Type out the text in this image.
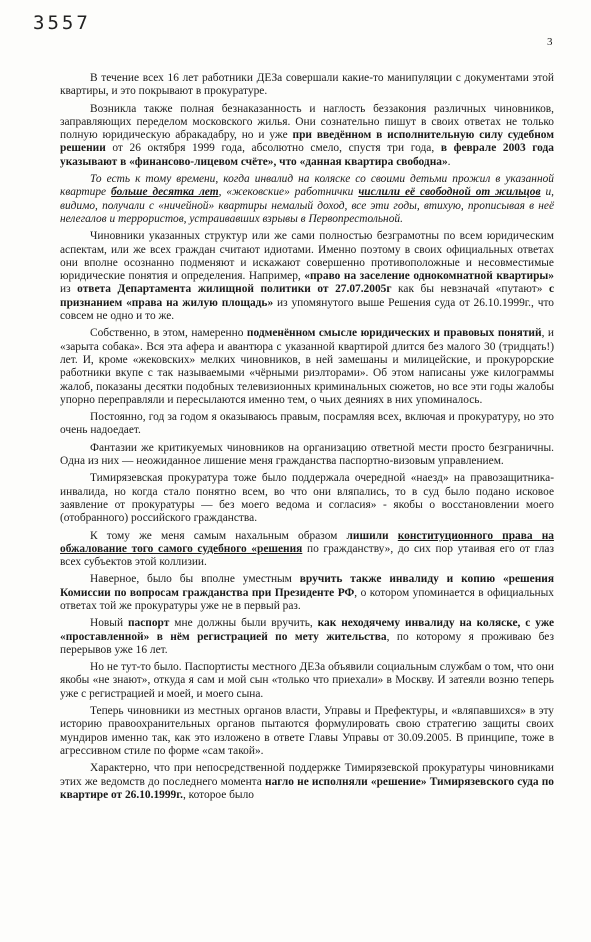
3557
3

В течение всех 16 лет работники ДЕЗа совершали какие-то манипуляции с документами этой квартиры, и это покрывают в прокуратуре.

Возникла также полная безнаказанность и наглость беззакония различных чиновников, заправляющих переделом московского жилья. Они сознательно пишут в своих ответах не только полную юридическую абракадабру, но и уже при введённом в исполнительную силу судебном решении от 26 октября 1999 года, абсолютно смело, спустя три года, в феврале 2003 года указывают в «финансово-лицевом счёте», что «данная квартира свободна».

То есть к тому времени, когда инвалид на коляске со своими детьми прожил в указанной квартире больше десятка лет, «жековские» работнички числили её свободной от жильцов и, видимо, получали с «ничейной» квартиры немалый доход, все эти годы, втихую, прописывая в неё нелегалов и террористов, устраивавших взрывы в Первопрестольной.

Чиновники указанных структур или же сами полностью безграмотны по всем юридическим аспектам, или же всех граждан считают идиотами. Именно поэтому в своих официальных ответах они вполне осознанно подменяют и искажают совершенно противоположные и несовместимые юридические понятия и определения. Например, «право на заселение однокомнатной квартиры» из ответа Департамента жилищной политики от 27.07.2005г как бы невзначай «путают» с признанием «права на жилую площадь» из упомянутого выше Решения суда от 26.10.1999г., что совсем не одно и то же.

Собственно, в этом, намеренно подменённом смысле юридических и правовых понятий, и «зарыта собака». Вся эта афера и авантюра с указанной квартирой длится без малого 30 (тридцать!) лет. И, кроме «жековских» мелких чиновников, в ней замешаны и милицейские, и прокурорские работники вкупе с так называемыми «чёрными риэлторами». Об этом написаны уже килограммы жалоб, показаны десятки подобных телевизионных криминальных сюжетов, но все эти годы жалобы упорно переправляли и пересылаются именно тем, о чьих деяниях в них упоминалось.

Постоянно, год за годом я оказываюсь правым, посрамляя всех, включая и прокуратуру, но это очень надоедает.

Фантазии же критикуемых чиновников на организацию ответной мести просто безграничны. Одна из них — неожиданное лишение меня гражданства паспортно-визовым управлением.

Тимирязевская прокуратура тоже было поддержала очередной «наезд» на правозащитника-инвалида, но когда стало понятно всем, во что они вляпались, то в суд было подано исковое заявление от прокуратуры — без моего ведома и согласия» - якобы о восстановлении моего (отобранного) российского гражданства.

К тому же меня самым нахальным образом лишили конституционного права на обжалование того самого судебного «решения по гражданству», до сих пор утаивая его от глаз всех субъектов этой коллизии.

Наверное, было бы вполне уместным вручить также инвалиду и копию «решения Комиссии по вопросам гражданства при Президенте РФ, о котором упоминается в официальных ответах той же прокуратуры уже не в первый раз.

Новый паспорт мне должны были вручить, как неходячему инвалиду на коляске, с уже «проставленной» в нём регистрацией по мету жительства, по которому я проживаю без перерывов уже 16 лет.

Но не тут-то было. Паспортисты местного ДЕЗа объявили социальным службам о том, что они якобы «не знают», откуда я сам и мой сын «только что приехали» в Москву. И затеяли возню теперь уже с регистрацией и моей, и моего сына.

Теперь чиновники из местных органов власти, Управы и Префектуры, и «вляпавшихся» в эту историю правоохранительных органов пытаются формулировать свою стратегию защиты своих мундиров именно так, как это изложено в ответе Главы Управы от 30.09.2005. В принципе, тоже в агрессивном стиле по форме «сам такой».

Характерно, что при непосредственной поддержке Тимирязевской прокуратуры чиновниками этих же ведомств до последнего момента нагло не исполняли «решение» Тимирязевского суда по квартире от 26.10.1999г., которое было
